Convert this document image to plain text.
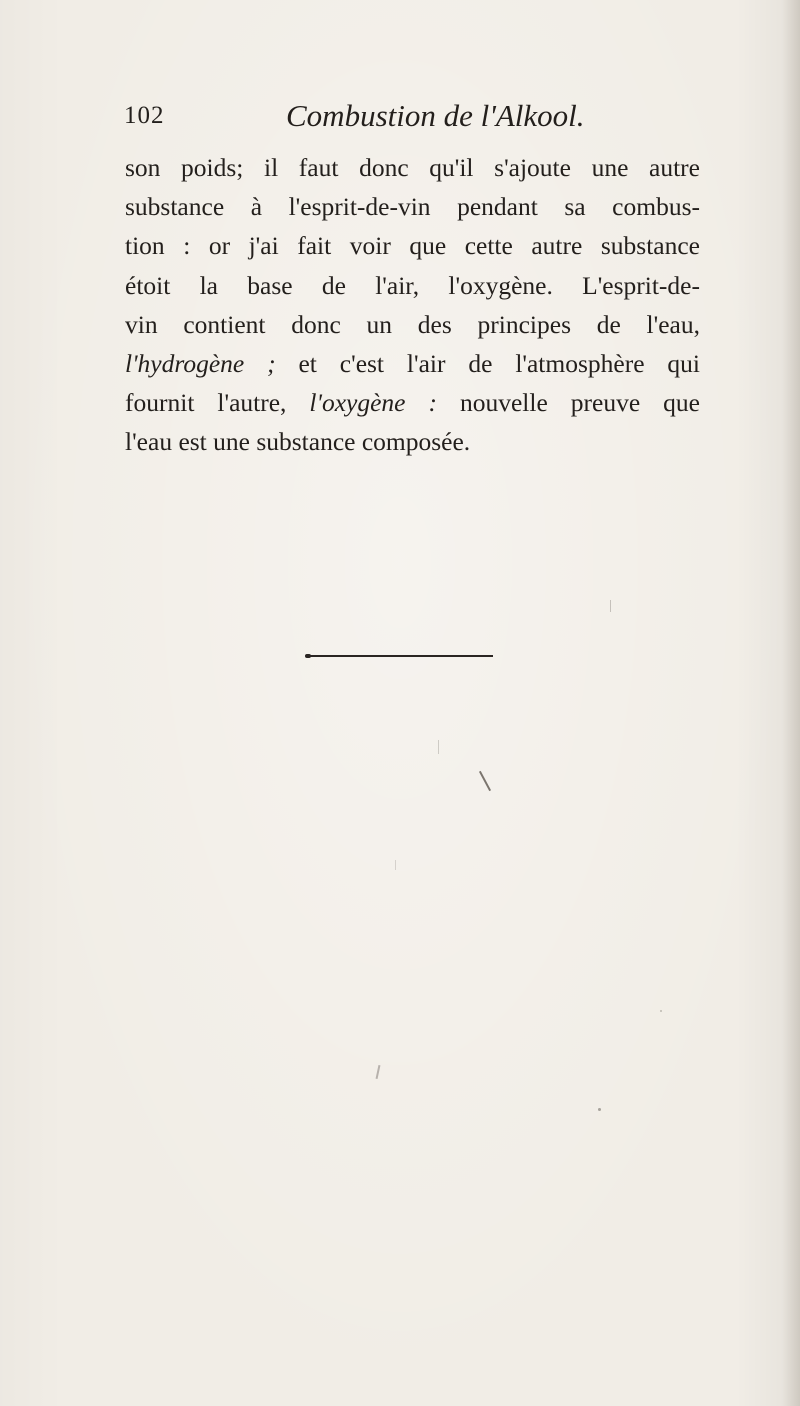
102	Combustion de l'Alkool.
son poids; il faut donc qu'il s'ajoute une autre
substance à l'esprit-de-vin pendant sa combus-
tion : or j'ai fait voir que cette autre substance
étoit la base de l'air, l'oxygène. L'esprit-de-
vin contient donc un des principes de l'eau,
l'hydrogène ; et c'est l'air de l'atmosphère qui
fournit l'autre, l'oxygène : nouvelle preuve que
l'eau est une substance composée.
